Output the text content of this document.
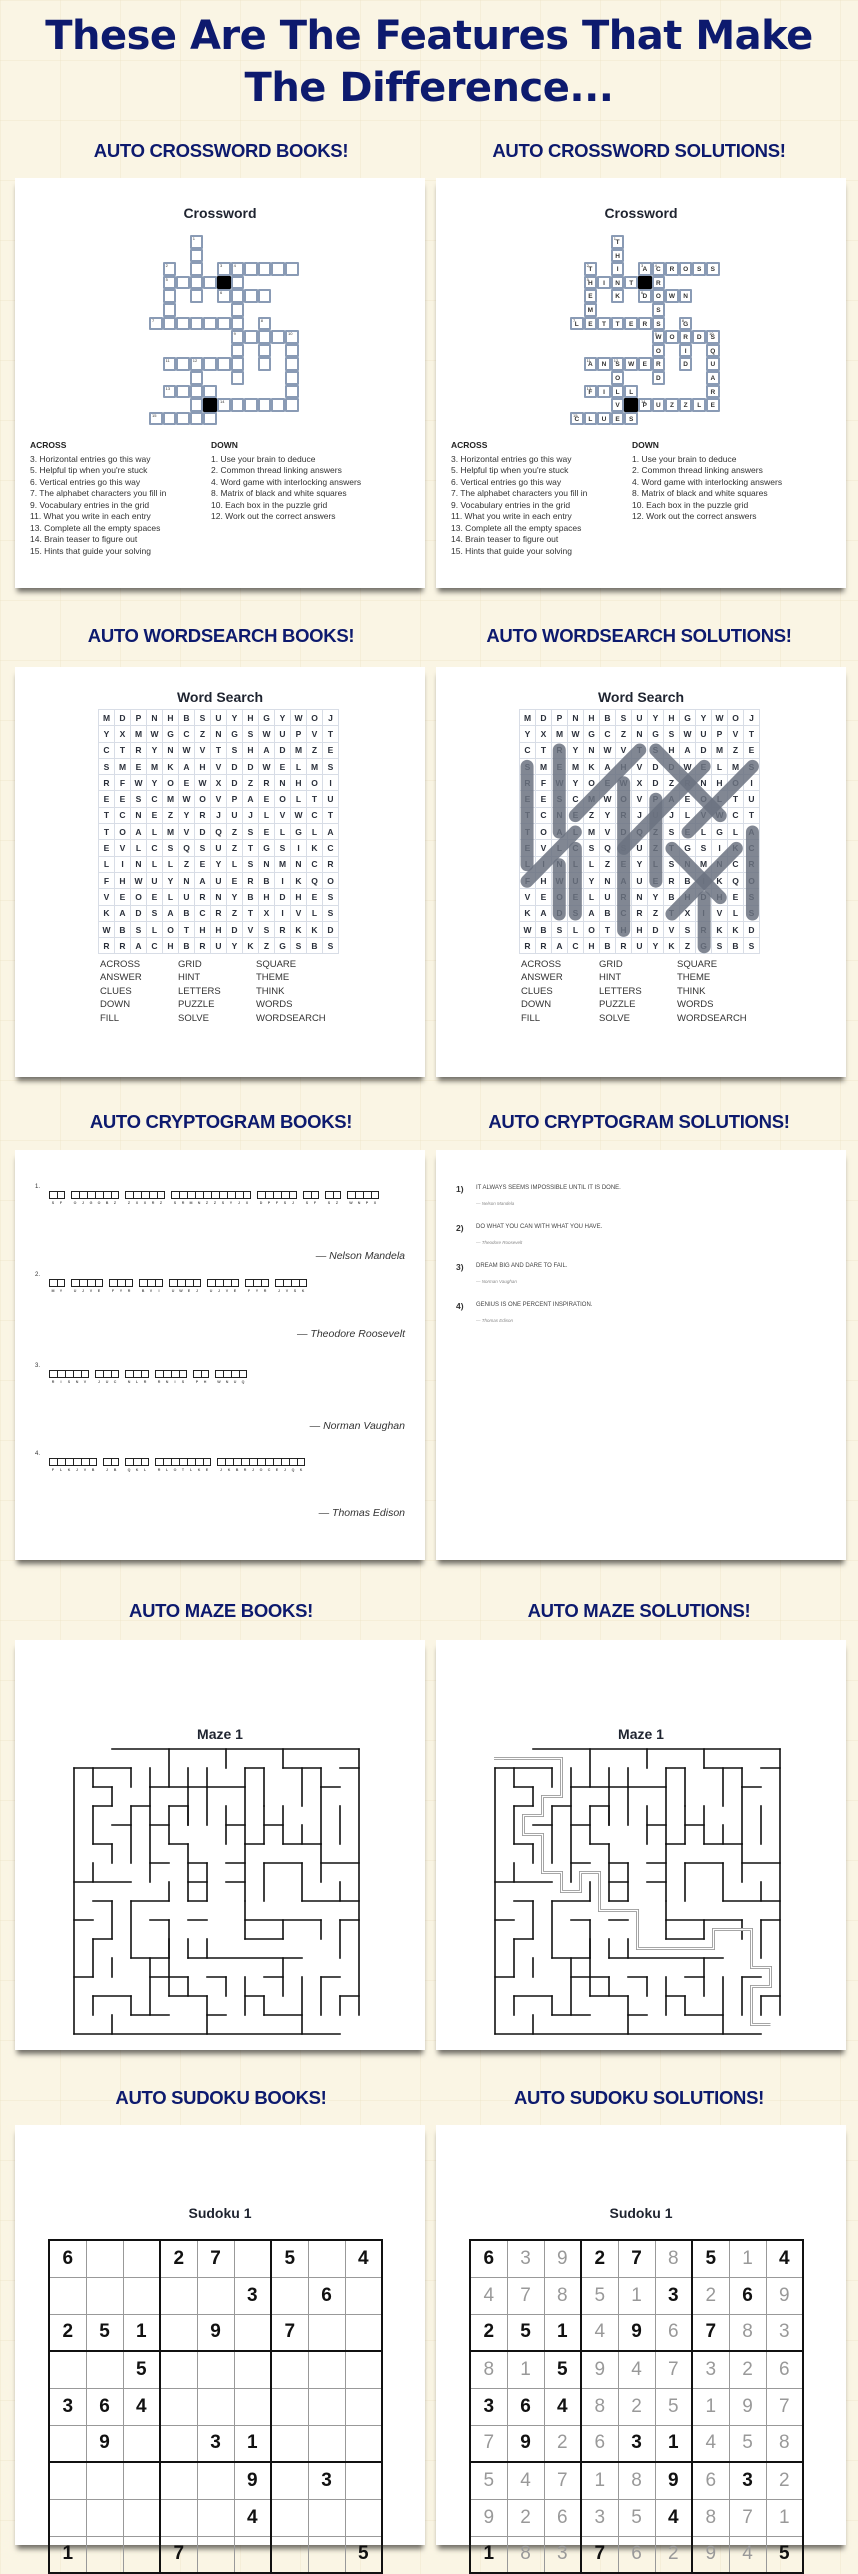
These Are The Features That Make
The Difference...
AUTO CROSSWORD BOOKS!	AUTO CROSSWORD SOLUTIONS!
Crossword
1
2	3	4
5
6
7	8
9	10
11	12
13
14
15
ACROSS
3. Horizontal entries go this way
5. Helpful tip when you're stuck
6. Vertical entries go this way
7. The alphabet characters you fill in
9. Vocabulary entries in the grid
11. What you write in each entry
13. Complete all the empty spaces
14. Brain teaser to figure out
15. Hints that guide your solving
DOWN
1. Use your brain to deduce
2. Common thread linking answers
4. Word game with interlocking answers
8. Matrix of black and white squares
10. Each box in the puzzle grid
12. Work out the correct answers
Crossword
1
T
H
2
T	I
3
A
4
C	R	O	S	S
5
H	I	N	T	R
E	K
6
D	O	W	N
M	S
7
L	E	T	T	E	R	S
8
G
9
W	O	R	D
10
S
O	I	Q
11
A	N
12
S	W	E	R	D	U
O	D	A
13
F	I	L	L	R
V
14
P	U	Z	Z	L	E
15
C	L	U	E	S
ACROSS
3. Horizontal entries go this way
5. Helpful tip when you're stuck
6. Vertical entries go this way
7. The alphabet characters you fill in
9. Vocabulary entries in the grid
11. What you write in each entry
13. Complete all the empty spaces
14. Brain teaser to figure out
15. Hints that guide your solving
DOWN
1. Use your brain to deduce
2. Common thread linking answers
4. Word game with interlocking answers
8. Matrix of black and white squares
10. Each box in the puzzle grid
12. Work out the correct answers
AUTO WORDSEARCH BOOKS!	AUTO WORDSEARCH SOLUTIONS!
Word Search
M	D	P	N	H	B	S	U	Y	H	G	Y	W	O	J
Y	X	M	W	G	C	Z	N	G	S	W	U	P	V	T
C	T	R	Y	N	W	V	T	S	H	A	D	M	Z	E
S	M	E	M	K	A	H	V	D	D	W	E	L	M	S
R	F	W	Y	O	E	W	X	D	Z	R	N	H	O	I
E	E	S	C	M	W	O	V	P	A	E	O	L	T	U
T	C	N	E	Z	Y	R	J	U	J	L	V	W	C	T
T	O	A	L	M	V	D	Q	Z	S	E	L	G	L	A
E	V	L	C	S	Q	S	U	Z	T	G	S	I	K	C
L	I	N	L	L	Z	E	Y	L	S	N	M	N	C	R
F	H	W	U	Y	N	A	U	E	R	B	I	K	Q	O
V	E	O	E	L	U	R	N	Y	B	H	D	H	E	S
K	A	D	S	A	B	C	R	Z	T	X	I	V	L	S
W	B	S	L	O	T	H	H	D	V	S	R	K	K	D
R	R	A	C	H	B	R	U	Y	K	Z	G	S	B	S
ACROSS	GRID	SQUARE
ANSWER	HINT	THEME
CLUES	LETTERS	THINK
DOWN	PUZZLE	WORDS
FILL	SOLVE	WORDSEARCH
Word Search
M	D	P	N	H	B	S	U	Y	H	G	Y	W	O	J
Y	X	M	W	G	C	Z	N	G	S	W	U	P	V	T
C	T	R	Y	N	W	V	T	S	H	A	D	M	Z	E
S	M	E	M	K	A	H	V	D	D	W	E	L	M	S
R	F	W	Y	O	E	W	X	D	Z	R	N	H	O	I
E	E	S	C	M	W	O	V	P	A	E	O	L	T	U
T	C	N	E	Z	Y	R	J	U	J	L	V	W	C	T
T	O	A	L	M	V	D	Q	Z	S	E	L	G	L	A
E	V	L	C	S	Q	S	U	Z	T	G	S	I	K	C
L	I	N	L	L	Z	E	Y	L	S	N	M	N	C	R
F	H	W	U	Y	N	A	U	E	R	B	I	K	Q	O
V	E	O	E	L	U	R	N	Y	B	H	D	H	E	S
K	A	D	S	A	B	C	R	Z	T	X	I	V	L	S
W	B	S	L	O	T	H	H	D	V	S	R	K	K	D
R	R	A	C	H	B	R	U	Y	K	Z	G	S	B	S
ACROSS	GRID	SQUARE
ANSWER	HINT	THEME
CLUES	LETTERS	THINK
DOWN	PUZZLE	WORDS
FILL	SOLVE	WORDSEARCH
AUTO CRYPTOGRAM BOOKS!	AUTO CRYPTOGRAM SOLUTIONS!
1.
S F	O J G O B Z	Z X X R Z	S R M N Z Z S Y J X	D P F S J	S F	S Z	W N P X
— Nelson Mandela
2.
M Y	U J V E	F Y R	B V I	U W E J	U J V E	F Y R	J V S K
— Theodore Roosevelt
3.
R I S N V	J U C	N L R	R N I S	P H	W N U Q
— Norman Vaughan
4.
F L K J V B	J B	Q K L	R L O T L K E	J K B R J O C E J Q K
— Thomas Edison
1) IT ALWAYS SEEMS IMPOSSIBLE UNTIL IT IS DONE.
— Nelson Mandela
2) DO WHAT YOU CAN WITH WHAT YOU HAVE.
— Theodore Roosevelt
3) DREAM BIG AND DARE TO FAIL.
— Norman Vaughan
4) GENIUS IS ONE PERCENT INSPIRATION.
— Thomas Edison
AUTO MAZE BOOKS!	AUTO MAZE SOLUTIONS!
Maze 1	Maze 1
AUTO SUDOKU BOOKS!	AUTO SUDOKU SOLUTIONS!
Sudoku 1
6			2	7		5		4
					3		6	
2	5	1		9		7		
		5						
3	6	4						
	9			3	1			
					9		3	
					4			
1			7					5
Sudoku 1
6	3	9	2	7	8	5	1	4
4	7	8	5	1	3	2	6	9
2	5	1	4	9	6	7	8	3
8	1	5	9	4	7	3	2	6
3	6	4	8	2	5	1	9	7
7	9	2	6	3	1	4	5	8
5	4	7	1	8	9	6	3	2
9	2	6	3	5	4	8	7	1
1	8	3	7	6	2	9	4	5
